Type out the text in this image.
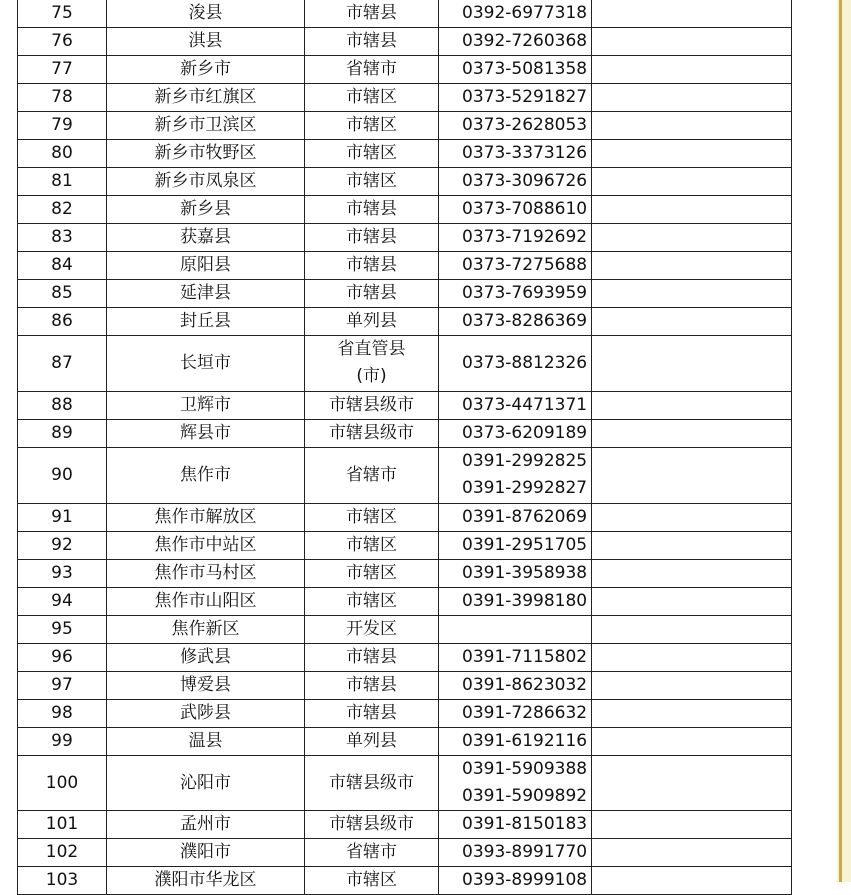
75	浚县	市辖县	0392-6977318	

76	淇县	市辖县	0392-7260368	

77	新乡市	省辖市	0373-5081358	

78	新乡市红旗区	市辖区	0373-5291827	

79	新乡市卫滨区	市辖区	0373-2628053	

80	新乡市牧野区	市辖区	0373-3373126	

81	新乡市凤泉区	市辖区	0373-3096726	

82	新乡县	市辖县	0373-7088610	

83	获嘉县	市辖县	0373-7192692	

84	原阳县	市辖县	0373-7275688	

85	延津县	市辖县	0373-7693959	

86	封丘县	单列县	0373-8286369	

87	长垣市	省直管县
(市)	0373-8812326	

88	卫辉市	市辖县级市	0373-4471371	

89	辉县市	市辖县级市	0373-6209189	

90	焦作市	省辖市	0391-2992825
0391-2992827	

91	焦作市解放区	市辖区	0391-8762069	

92	焦作市中站区	市辖区	0391-2951705	

93	焦作市马村区	市辖区	0391-3958938	

94	焦作市山阳区	市辖区	0391-3998180	

95	焦作新区	开发区		

96	修武县	市辖县	0391-7115802	

97	博爱县	市辖县	0391-8623032	

98	武陟县	市辖县	0391-7286632	

99	温县	单列县	0391-6192116	

100	沁阳市	市辖县级市	0391-5909388
0391-5909892	

101	孟州市	市辖县级市	0391-8150183	

102	濮阳市	省辖市	0393-8991770	

103	濮阳市华龙区	市辖区	0393-8999108	
